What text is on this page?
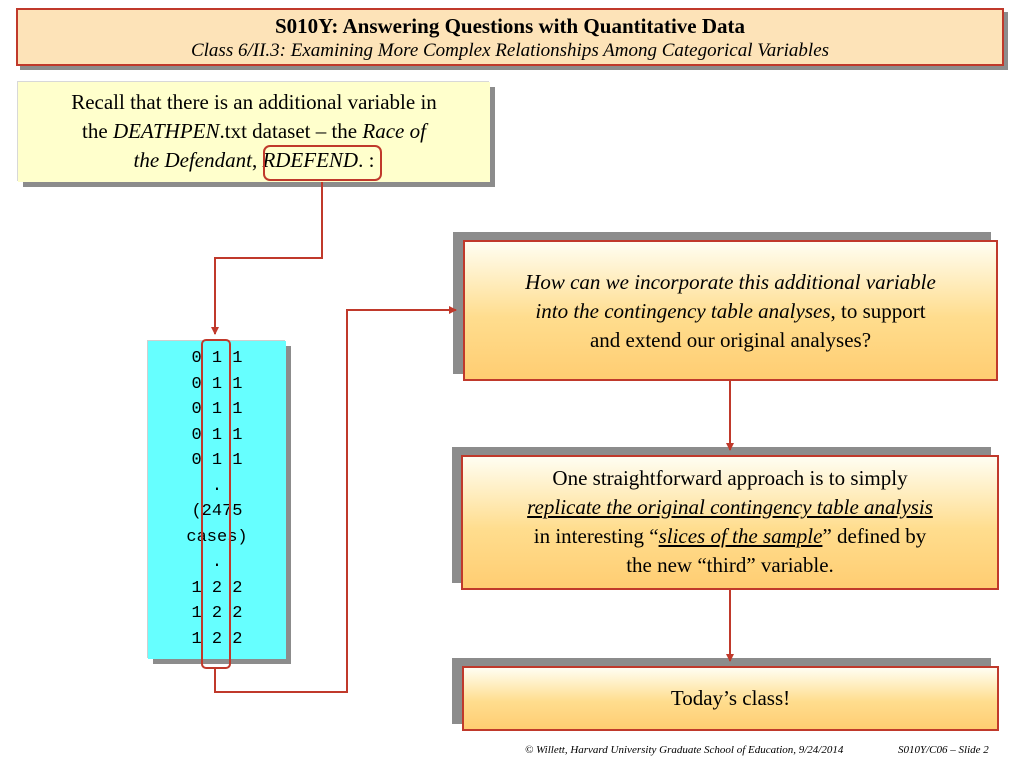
S010Y: Answering Questions with Quantitative Data
Class 6/II.3: Examining More Complex Relationships Among Categorical Variables
Recall that there is an additional variable in
the DEATHPEN.txt dataset – the Race of
the Defendant, RDEFEND. :
0 1 1
0 1 1
0 1 1
0 1 1
0 1 1
.
(2475
cases)
.
1 2 2
1 2 2
1 2 2
How can we incorporate this additional variable
into the contingency table analyses, to support
and extend our original analyses?
One straightforward approach is to simply
replicate the original contingency table analysis
in interesting “slices of the sample” defined by
the new “third” variable.
Today’s class!
© Willett, Harvard University Graduate School of Education, 9/24/2014	S010Y/C06 – Slide 2
